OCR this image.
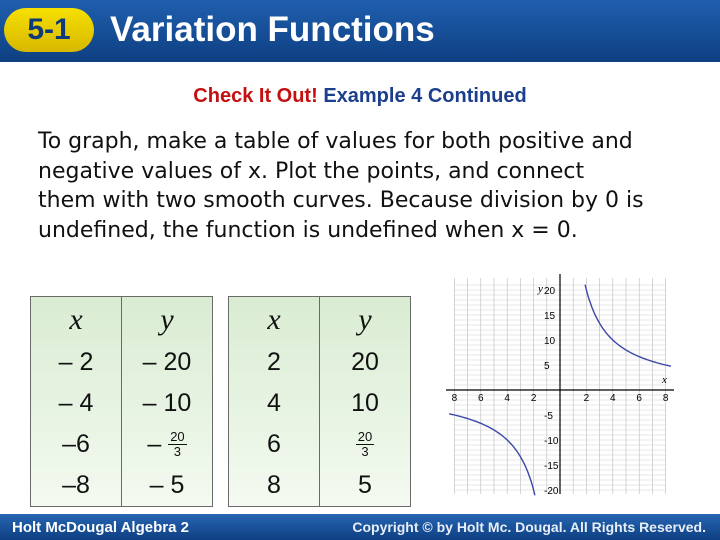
5-1	Variation Functions
Check It Out! Example 4 Continued
To graph, make a table of values for both positive and
negative values of x. Plot the points, and connect
them with two smooth curves. Because division by 0 is
undefined, the function is undefined when x = 0.
x	y
– 2	– 20
– 4	– 10
–6	– $\frac{20}{3}$

–8	– 5
x	y
2	20
4	10
6	$\frac{20}{3}$

8	5
8 6 4 2	2 4 6 8
20
15
10
5
-5
-10
-15
-20
x
y
Holt McDougal Algebra 2	Copyright © by Holt Mc. Dougal. All Rights Reserved.
